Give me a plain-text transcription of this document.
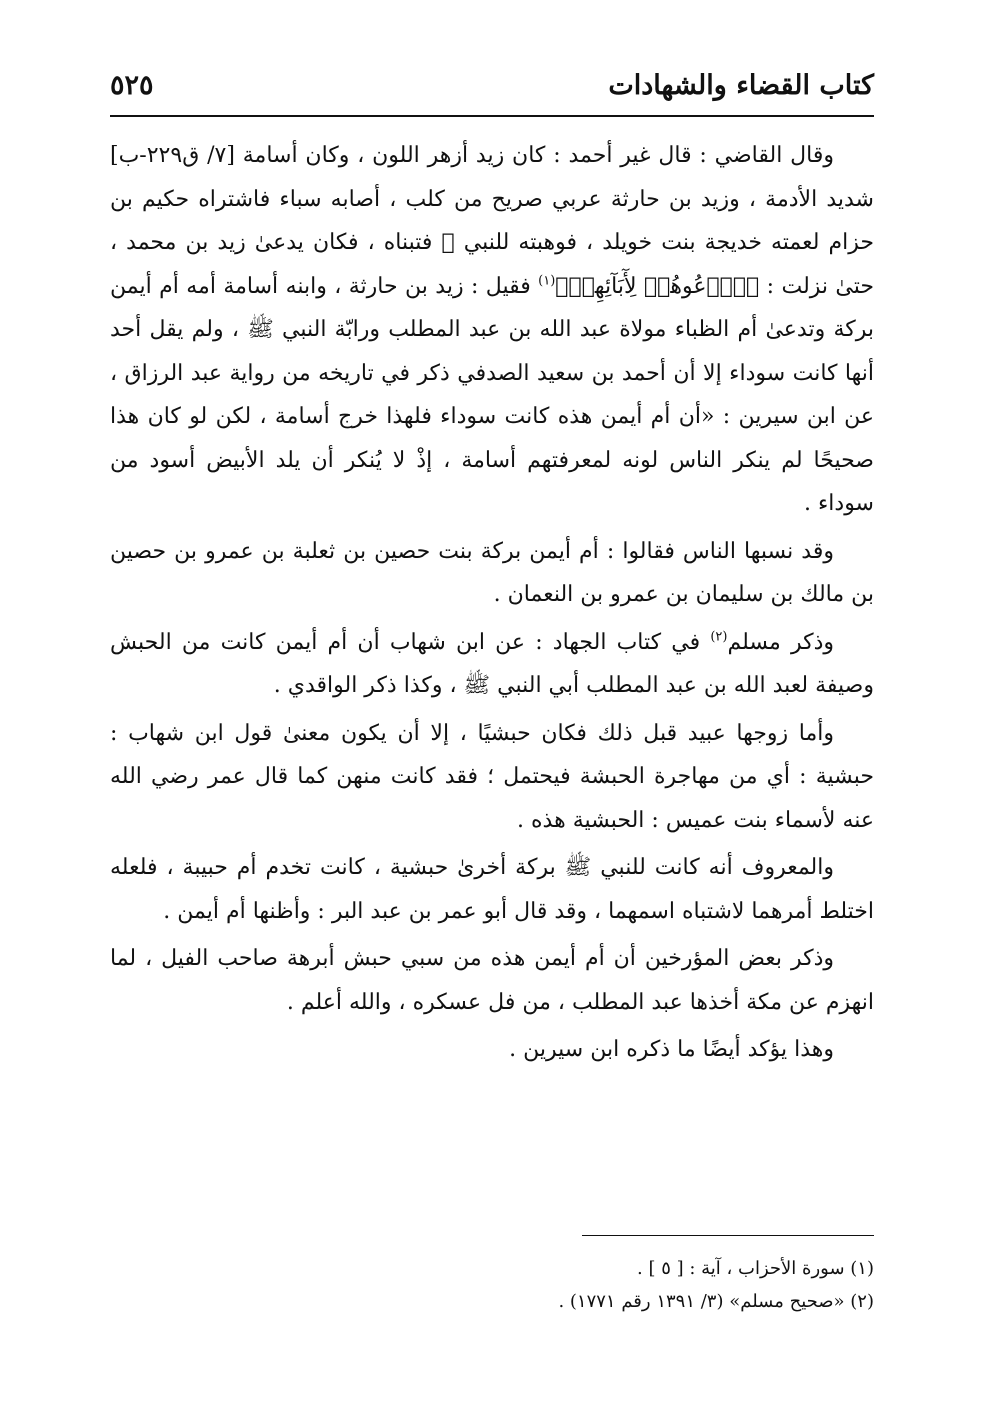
كتاب القضاء والشهادات
٥٢٥

وقال القاضي : قال غير أحمد : كان زيد أزهر اللون ، وكان أسامة [٧/ ق٢٢٩-ب] شديد الأدمة ، وزيد بن حارثة عربي صريح من كلب ، أصابه سباء فاشتراه حكيم بن حزام لعمته خديجة بنت خويلد ، فوهبته للنبي ﷺ فتبناه ، فكان يدعىٰ زيد بن محمد ، حتىٰ نزلت : ﴿ٱدۡعُوهُمۡ لِأٓبَآئِهِمۡ﴾$^{(١)}$ فقيل : زيد بن حارثة ، وابنه أسامة أمه أم أيمن بركة وتدعىٰ أم الظباء مولاة عبد الله بن عبد المطلب ورابّة النبي ﷺ ، ولم يقل أحد أنها كانت سوداء إلا أن أحمد بن سعيد الصدفي ذكر في تاريخه من رواية عبد الرزاق ، عن ابن سيرين : «أن أم أيمن هذه كانت سوداء فلهذا خرج أسامة ، لكن لو كان هذا صحيحًا لم ينكر الناس لونه لمعرفتهم أسامة ، إذْ لا يُنكر أن يلد الأبيض أسود من سوداء .

وقد نسبها الناس فقالوا : أم أيمن بركة بنت حصين بن ثعلبة بن عمرو بن حصين بن مالك بن سليمان بن عمرو بن النعمان .

وذكر مسلم$^{(٢)}$ في كتاب الجهاد : عن ابن شهاب أن أم أيمن كانت من الحبش وصيفة لعبد الله بن عبد المطلب أبي النبي ﷺ ، وكذا ذكر الواقدي .

وأما زوجها عبيد قبل ذلك فكان حبشيًا ، إلا أن يكون معنىٰ قول ابن شهاب : حبشية : أي من مهاجرة الحبشة فيحتمل ؛ فقد كانت منهن كما قال عمر رضي الله عنه لأسماء بنت عميس : الحبشية هذه .

والمعروف أنه كانت للنبي ﷺ بركة أخرىٰ حبشية ، كانت تخدم أم حبيبة ، فلعله اختلط أمرهما لاشتباه اسمهما ، وقد قال أبو عمر بن عبد البر : وأظنها أم أيمن .

وذكر بعض المؤرخين أن أم أيمن هذه من سبي حبش أبرهة صاحب الفيل ، لما انهزم عن مكة أخذها عبد المطلب ، من فل عسكره ، والله أعلم .

وهذا يؤكد أيضًا ما ذكره ابن سيرين .

(١) سورة الأحزاب ، آية : [ ٥ ] .

(٢) «صحيح مسلم» (٣/ ١٣٩١ رقم ١٧٧١) .
